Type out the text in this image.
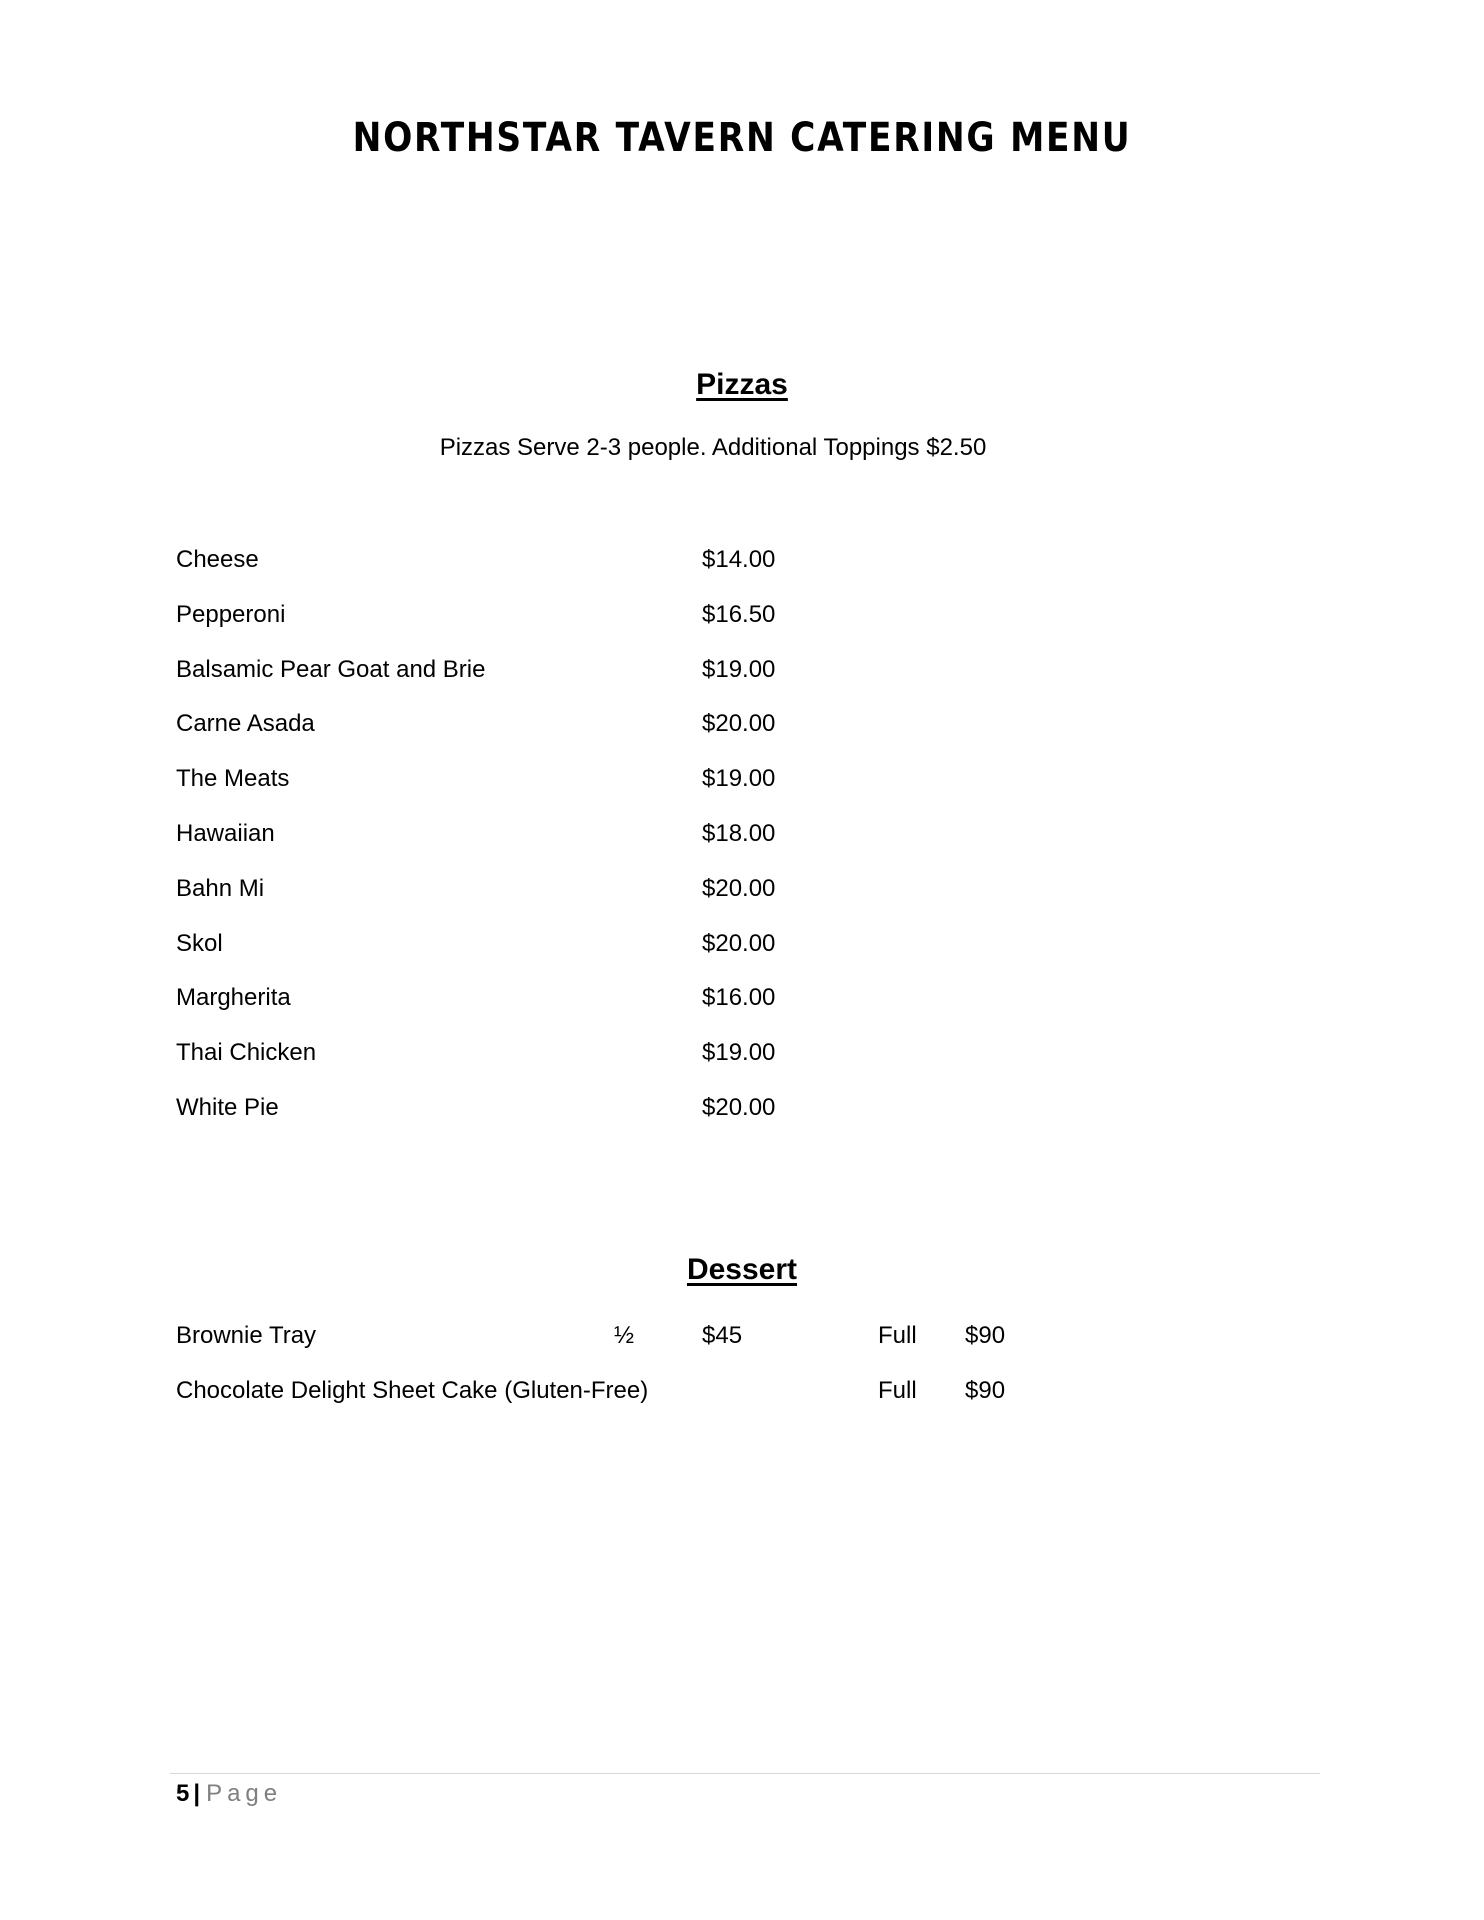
NORTHSTAR TAVERN CATERING MENU
Pizzas
Pizzas Serve 2-3 people. Additional Toppings $2.50
Cheese	$14.00
Pepperoni	$16.50
Balsamic Pear Goat and Brie	$19.00
Carne Asada	$20.00
The Meats	$19.00
Hawaiian	$18.00
Bahn Mi	$20.00
Skol	$20.00
Margherita	$16.00
Thai Chicken	$19.00
White Pie	$20.00
Dessert
Brownie Tray	½	$45	Full $90
Chocolate Delight Sheet Cake (Gluten-Free)	Full $90
5 | Page
